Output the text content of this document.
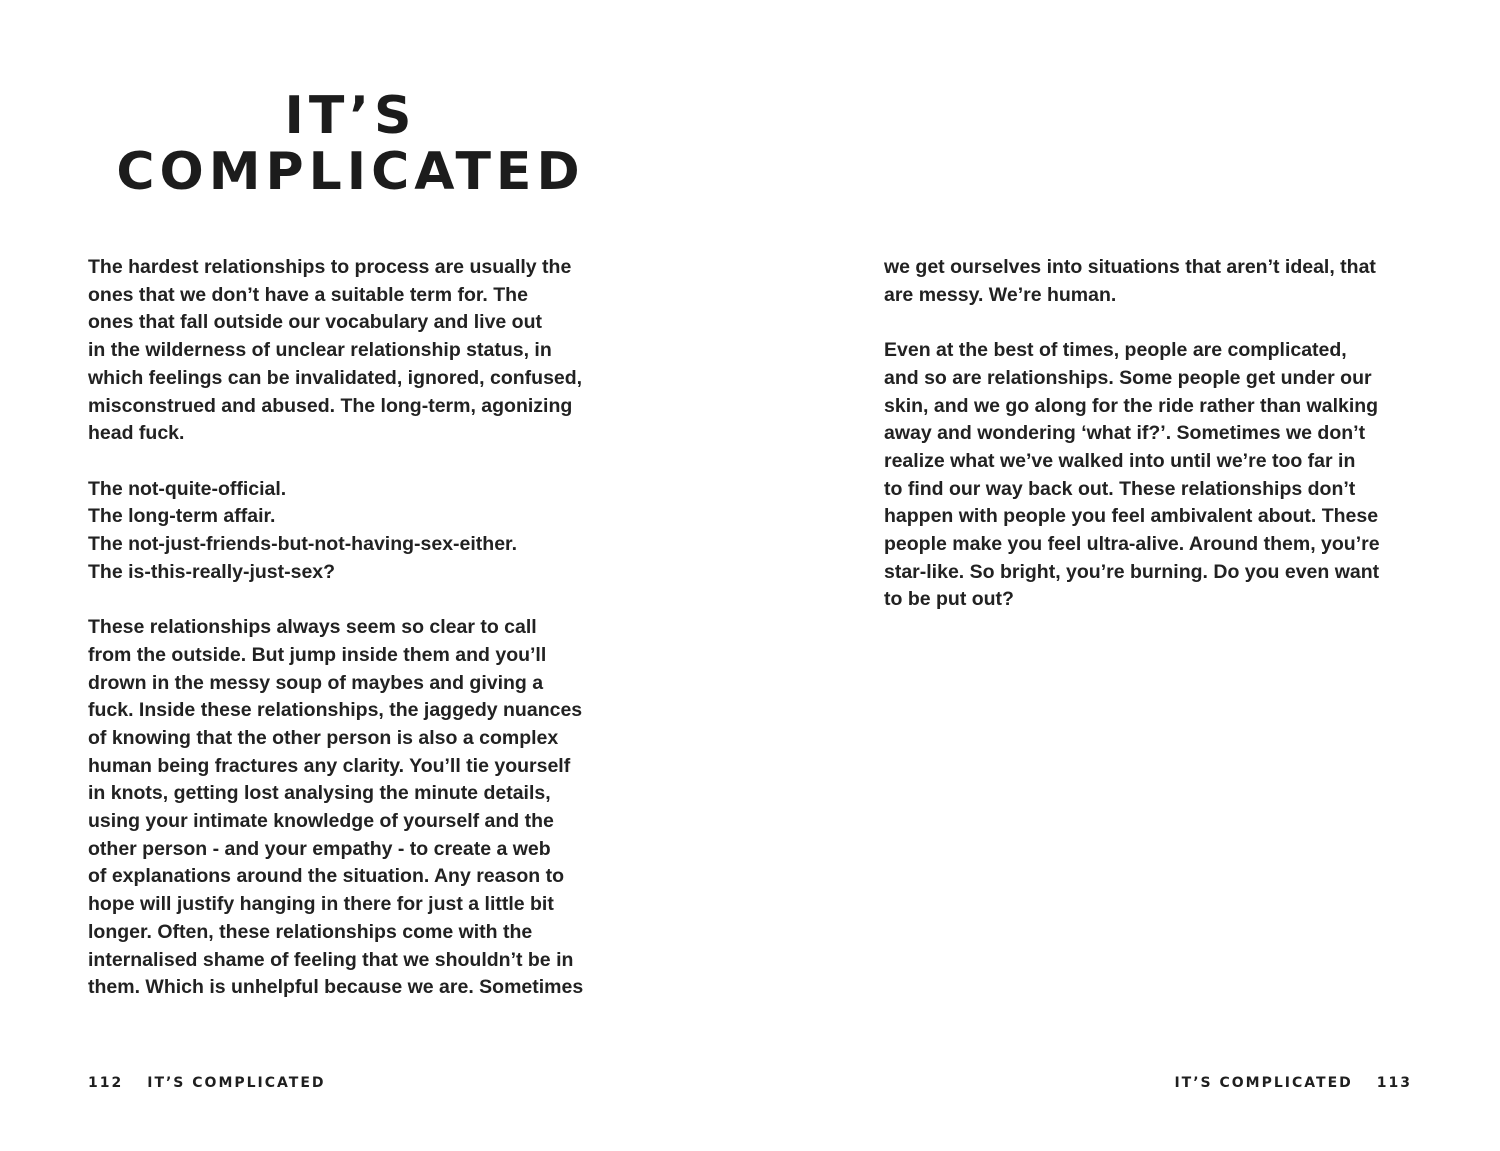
IT’S
COMPLICATED

The hardest relationships to process are usually the
ones that we don’t have a suitable term for. The
ones that fall outside our vocabulary and live out
in the wilderness of unclear relationship status, in
which feelings can be invalidated, ignored, confused,
misconstrued and abused. The long-term, agonizing
head fuck.

The not-quite-official.
The long-term affair.
The not-just-friends-but-not-having-sex-either.
The is-this-really-just-sex?

These relationships always seem so clear to call
from the outside. But jump inside them and you’ll
drown in the messy soup of maybes and giving a
fuck. Inside these relationships, the jaggedy nuances
of knowing that the other person is also a complex
human being fractures any clarity. You’ll tie yourself
in knots, getting lost analysing the minute details,
using your intimate knowledge of yourself and the
other person - and your empathy - to create a web
of explanations around the situation. Any reason to
hope will justify hanging in there for just a little bit
longer. Often, these relationships come with the
internalised shame of feeling that we shouldn’t be in
them. Which is unhelpful because we are. Sometimes

112 IT’S COMPLICATED

we get ourselves into situations that aren’t ideal, that
are messy. We’re human.

Even at the best of times, people are complicated,
and so are relationships. Some people get under our
skin, and we go along for the ride rather than walking
away and wondering ‘what if?’. Sometimes we don’t
realize what we’ve walked into until we’re too far in
to find our way back out. These relationships don’t
happen with people you feel ambivalent about. These
people make you feel ultra-alive. Around them, you’re
star-like. So bright, you’re burning. Do you even want
to be put out?

IT’S COMPLICATED 113
